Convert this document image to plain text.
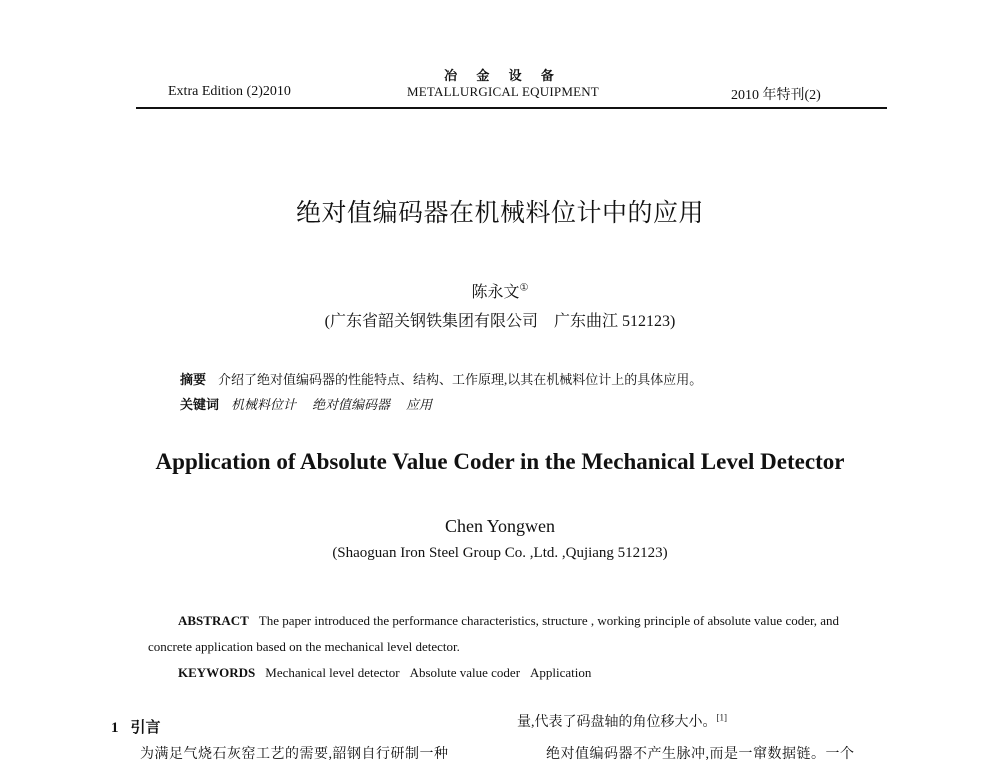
Extra Edition (2)2010
冶 金 设 备
METALLURGICAL EQUIPMENT	2010 年特刊(2)
绝对值编码器在机械料位计中的应用
陈永文①
(广东省韶关钢铁集团有限公司　广东曲江 512123)
摘要 介绍了绝对值编码器的性能特点、结构、工作原理,以其在机械料位计上的具体应用。
关键词 机械料位计 绝对值编码器 应用
Application of Absolute Value Coder in the Mechanical Level Detector
Chen Yongwen
(Shaoguan Iron Steel Group Co. ,Ltd. ,Qujiang 512123)
ABSTRACT The paper introduced the performance characteristics, structure , working principle of absolute value coder, and concrete application based on the mechanical level detector.
KEYWORDS Mechanical level detector Absolute value coder Application
1 引言
为满足气烧石灰窑工艺的需要,韶钢自行研制一种
量,代表了码盘轴的角位移大小。[1]
绝对值编码器不产生脉冲,而是一窜数据链。一个
